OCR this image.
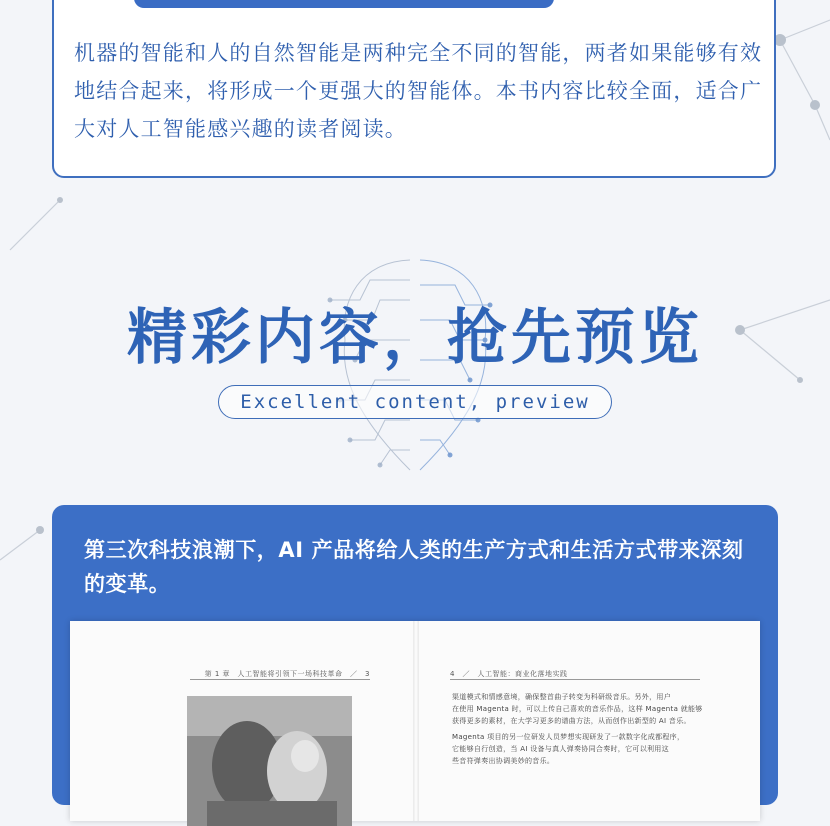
机器的智能和人的自然智能是两种完全不同的智能，两者如果能够有效地结合起来，将形成一个更强大的智能体。本书内容比较全面，适合广大对人工智能感兴趣的读者阅读。
精彩内容，抢先预览
Excellent content, preview
第三次科技浪潮下，AI 产品将给人类的生产方式和生活方式带来深刻的变革。
第 1 章　人工智能将引领下一场科技革命　／　3	4　／　人工智能：商业化落地实践
渠道模式和情感意境，确保整首曲子转变为科研级音乐。另外，用户
在使用 Magenta 时，可以上传自己喜欢的音乐作品，这样 Magenta 就能够
获得更多的素材，在大学习更多的谱曲方法，从而创作出新型的 AI 音乐。
Magenta 项目的另一位研发人员梦想实现研发了一款数字化成都程序，
它能够自行创造，当 AI 设备与真人弹奏协同合奏时，它可以利用这
些音符弹奏出协调美妙的音乐。
